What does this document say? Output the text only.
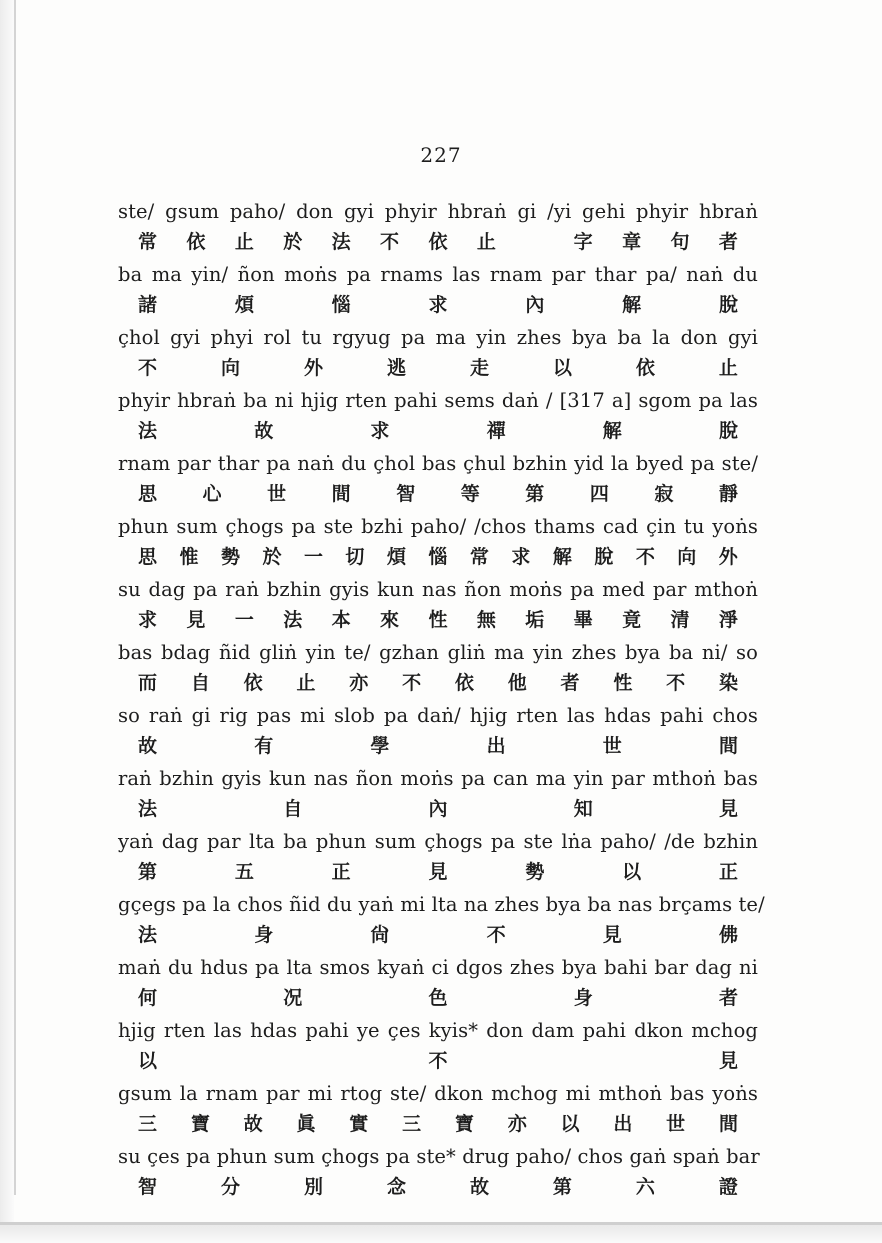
227
ste/ gsum paho/ don gyi phyir hbraṅ gi /yi gehi phyir hbraṅ
常 依 止 於 法 不 依 止
　	字 章 句 者
ba ma yin/ ñon moṅs pa rnams las rnam par thar pa/ naṅ du
諸	煩	惱	求	內	解	脫
çhol gyi phyi rol tu rgyug pa ma yin zhes bya ba la don gyi
不	向	外	逃	走	以	依	止
phyir hbraṅ ba ni hjig rten pahi sems daṅ / [317 a] sgom pa las
法	故	求	禪	解	脫
rnam par thar pa naṅ du çhol bas çhul bzhin yid la byed pa ste/
思 心 世 間 智 等 第 四 寂 靜
phun sum çhogs pa ste bzhi paho/ /chos thams cad çin tu yoṅs
思 惟 勢 於 一 切 煩 惱 常 求 解 脫 不 向 外
su dag pa raṅ bzhin gyis kun nas ñon moṅs pa med par mthoṅ
求 見 一 法 本 來 性 無 垢 畢 竟 清 淨
bas bdag ñid gliṅ yin te/ gzhan gliṅ ma yin zhes bya ba ni/ so
而 自 依 止 亦 不 依 他 者 性 不 染
so raṅ gi rig pas mi slob pa daṅ/ hjig rten las hdas pahi chos
故	有	學	出	世	間
raṅ bzhin gyis kun nas ñon moṅs pa can ma yin par mthoṅ bas
法	自	內	知	見
yaṅ dag par lta ba phun sum çhogs pa ste lṅa paho/ /de bzhin
第	五	正	見	勢	以	正
gçegs pa la chos ñid du yaṅ mi lta na zhes bya ba nas brçams te/
法	身	尙	不	見	佛
maṅ du hdus pa lta smos kyaṅ ci dgos zhes bya bahi bar dag ni
何	况	色	身	者
hjig rten las hdas pahi ye çes kyis* don dam pahi dkon mchog
以

　	不

　	見
gsum la rnam par mi rtog ste/ dkon mchog mi mthoṅ bas yoṅs
三 寶 故 眞 實 三 寶 亦 以 出 世 間
su çes pa phun sum çhogs pa ste* drug paho/ chos gaṅ spaṅ bar
智	分	別	念	故	第	六	證
